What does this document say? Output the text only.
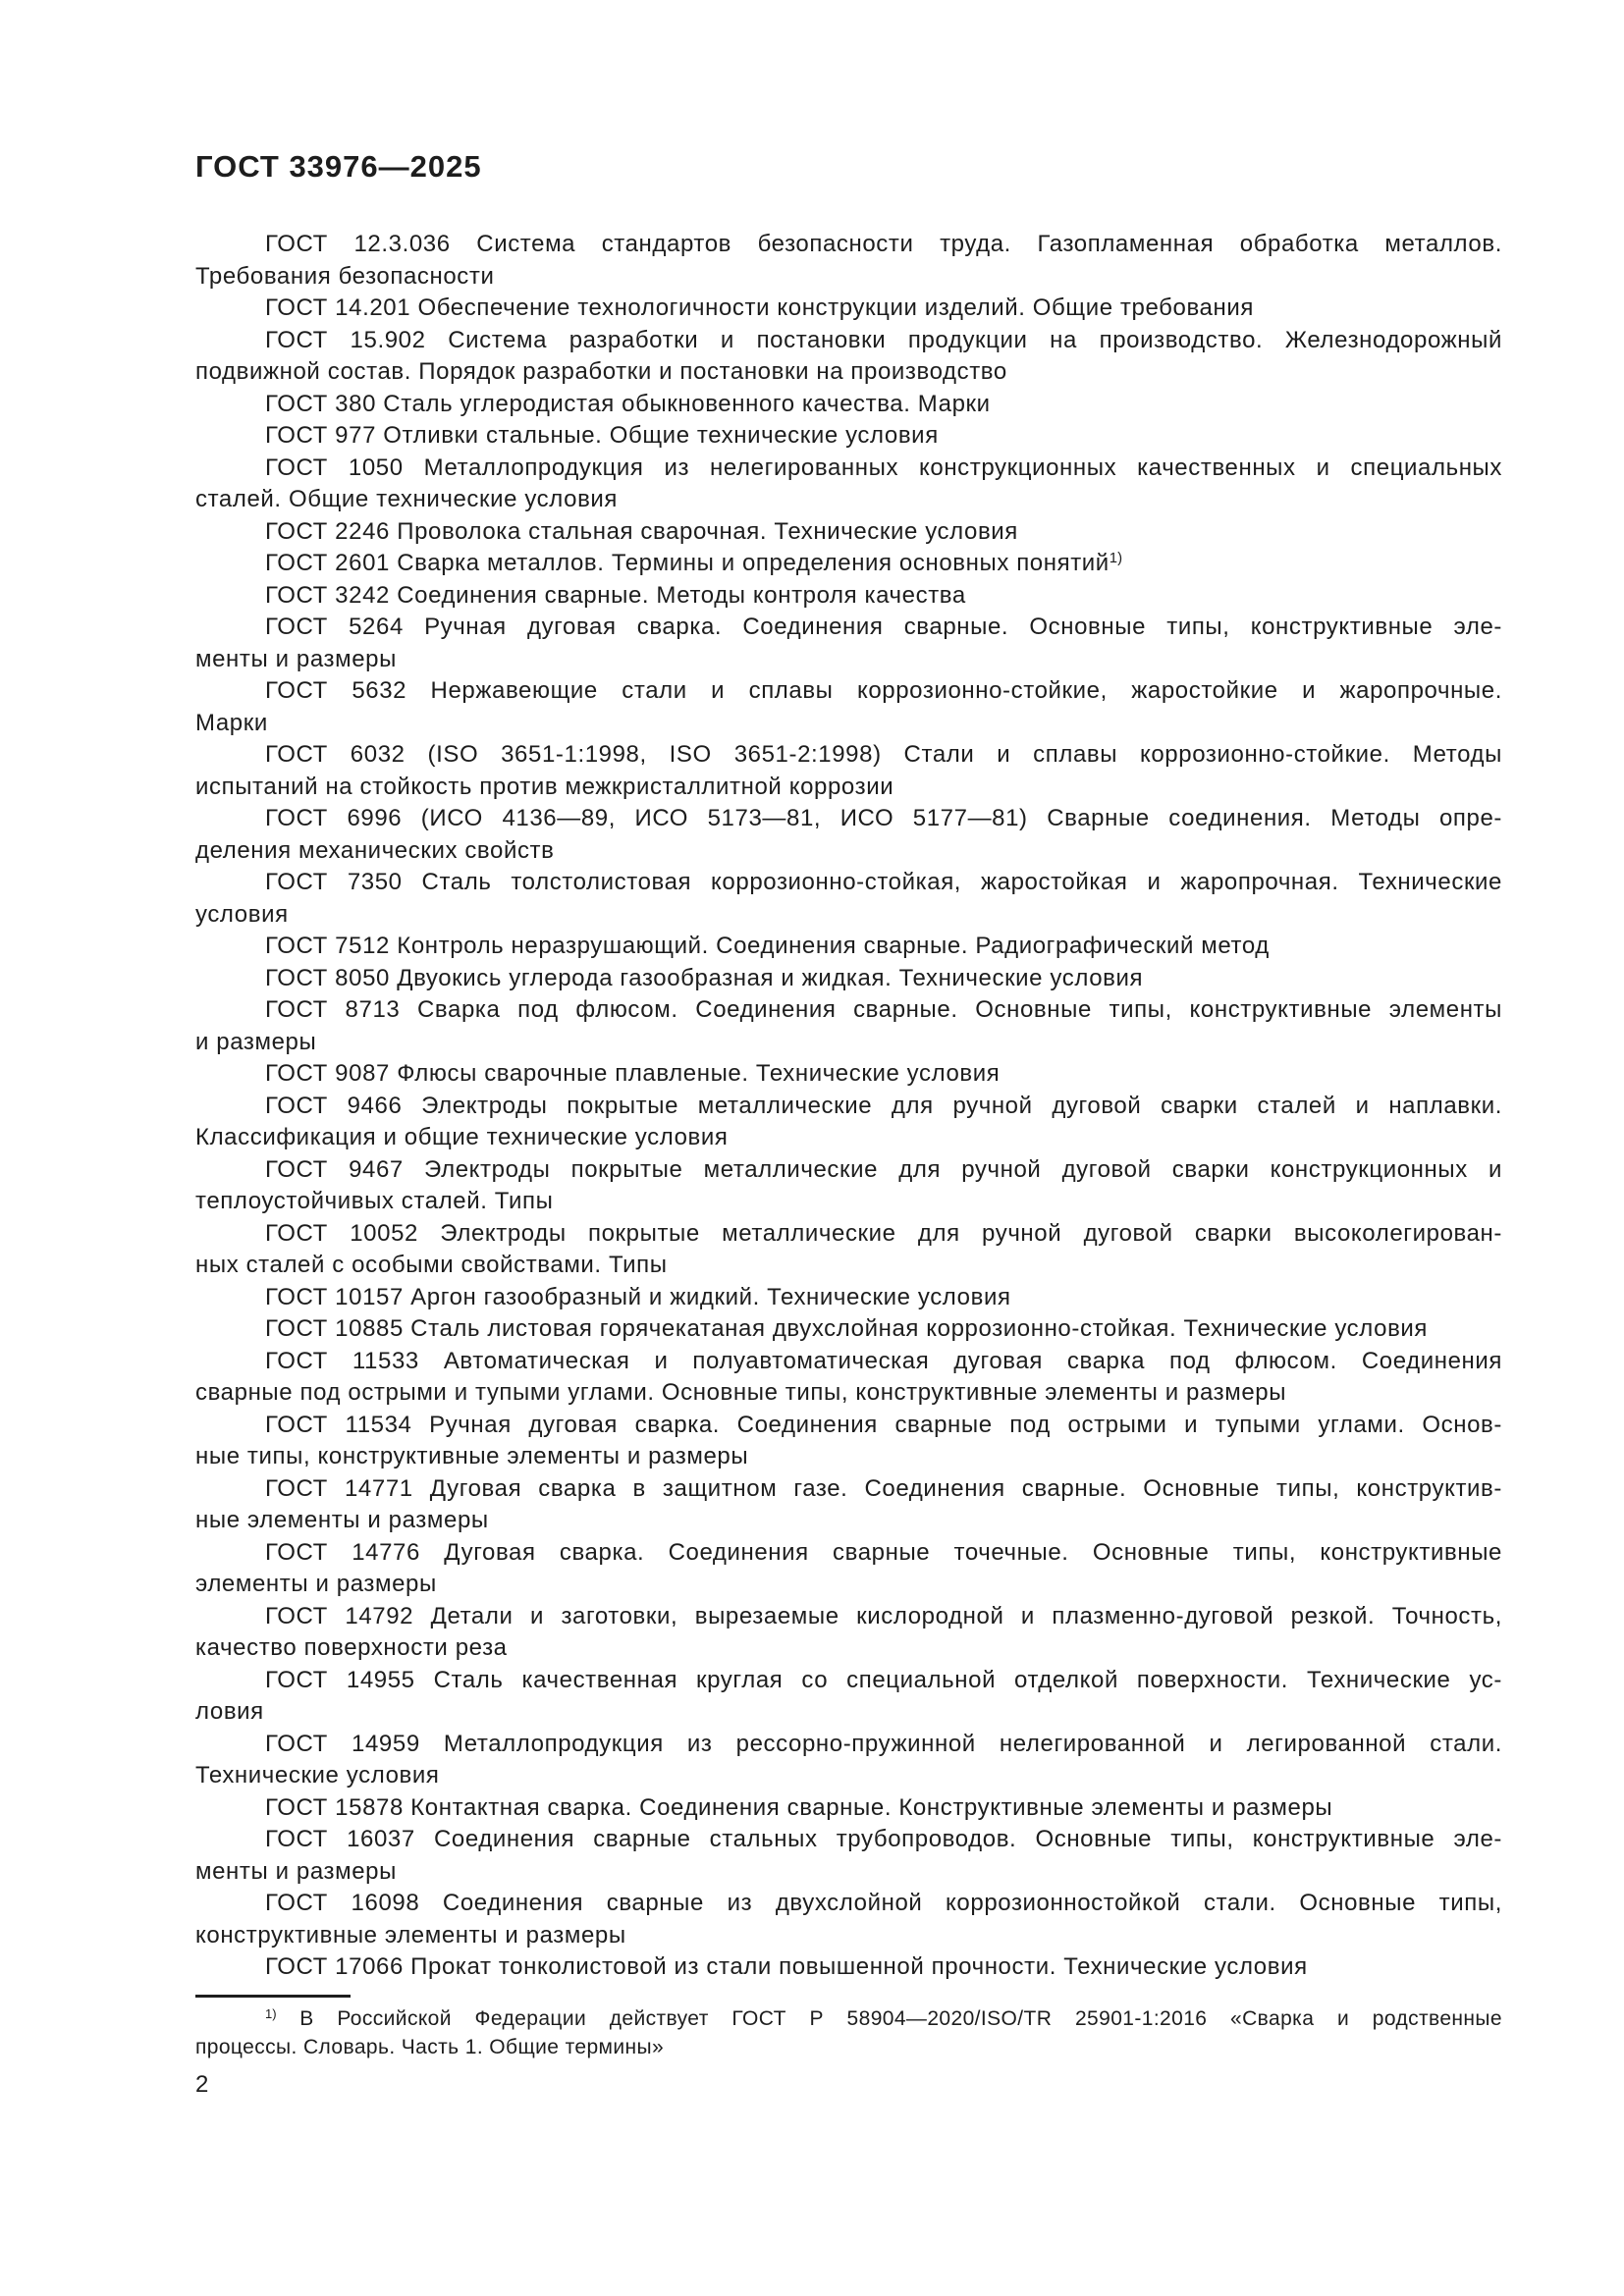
ГОСТ 33976—2025
ГОСТ 12.3.036 Система стандартов безопасности труда. Газопламенная обработка металлов.
Требования безопасности
ГОСТ 14.201 Обеспечение технологичности конструкции изделий. Общие требования
ГОСТ 15.902 Система разработки и постановки продукции на производство. Железнодорожный
подвижной состав. Порядок разработки и постановки на производство
ГОСТ 380 Сталь углеродистая обыкновенного качества. Марки
ГОСТ 977 Отливки стальные. Общие технические условия
ГОСТ 1050 Металлопродукция из нелегированных конструкционных качественных и специальных
сталей. Общие технические условия
ГОСТ 2246 Проволока стальная сварочная. Технические условия
ГОСТ 2601 Сварка металлов. Термины и определения основных понятий$^{1)}$
ГОСТ 3242 Соединения сварные. Методы контроля качества
ГОСТ 5264 Ручная дуговая сварка. Соединения сварные. Основные типы, конструктивные эле-
менты и размеры
ГОСТ 5632 Нержавеющие стали и сплавы коррозионно-стойкие, жаростойкие и жаропрочные.
Марки
ГОСТ 6032 (ISO 3651-1:1998, ISO 3651-2:1998) Стали и сплавы коррозионно-стойкие. Методы
испытаний на стойкость против межкристаллитной коррозии
ГОСТ 6996 (ИСО 4136—89, ИСО 5173—81, ИСО 5177—81) Сварные соединения. Методы опре-
деления механических свойств
ГОСТ 7350 Сталь толстолистовая коррозионно-стойкая, жаростойкая и жаропрочная. Технические
условия
ГОСТ 7512 Контроль неразрушающий. Соединения сварные. Радиографический метод
ГОСТ 8050 Двуокись углерода газообразная и жидкая. Технические условия
ГОСТ 8713 Сварка под флюсом. Соединения сварные. Основные типы, конструктивные элементы
и размеры
ГОСТ 9087 Флюсы сварочные плавленые. Технические условия
ГОСТ 9466 Электроды покрытые металлические для ручной дуговой сварки сталей и наплавки.
Классификация и общие технические условия
ГОСТ 9467 Электроды покрытые металлические для ручной дуговой сварки конструкционных и
теплоустойчивых сталей. Типы
ГОСТ 10052 Электроды покрытые металлические для ручной дуговой сварки высоколегирован-
ных сталей с особыми свойствами. Типы
ГОСТ 10157 Аргон газообразный и жидкий. Технические условия
ГОСТ 10885 Сталь листовая горячекатаная двухслойная коррозионно-стойкая. Технические условия
ГОСТ 11533 Автоматическая и полуавтоматическая дуговая сварка под флюсом. Соединения
сварные под острыми и тупыми углами. Основные типы, конструктивные элементы и размеры
ГОСТ 11534 Ручная дуговая сварка. Соединения сварные под острыми и тупыми углами. Основ-
ные типы, конструктивные элементы и размеры
ГОСТ 14771 Дуговая сварка в защитном газе. Соединения сварные. Основные типы, конструктив-
ные элементы и размеры
ГОСТ 14776 Дуговая сварка. Соединения сварные точечные. Основные типы, конструктивные
элементы и размеры
ГОСТ 14792 Детали и заготовки, вырезаемые кислородной и плазменно-дуговой резкой. Точность,
качество поверхности реза
ГОСТ 14955 Сталь качественная круглая со специальной отделкой поверхности. Технические ус-
ловия
ГОСТ 14959 Металлопродукция из рессорно-пружинной нелегированной и легированной стали.
Технические условия
ГОСТ 15878 Контактная сварка. Соединения сварные. Конструктивные элементы и размеры
ГОСТ 16037 Соединения сварные стальных трубопроводов. Основные типы, конструктивные эле-
менты и размеры
ГОСТ 16098 Соединения сварные из двухслойной коррозионностойкой стали. Основные типы,
конструктивные элементы и размеры
ГОСТ 17066 Прокат тонколистовой из стали повышенной прочности. Технические условия
$^{1)}$ В Российской Федерации действует ГОСТ Р 58904—2020/ISO/TR 25901-1:2016 «Сварка и родственные
процессы. Словарь. Часть 1. Общие термины»
2
